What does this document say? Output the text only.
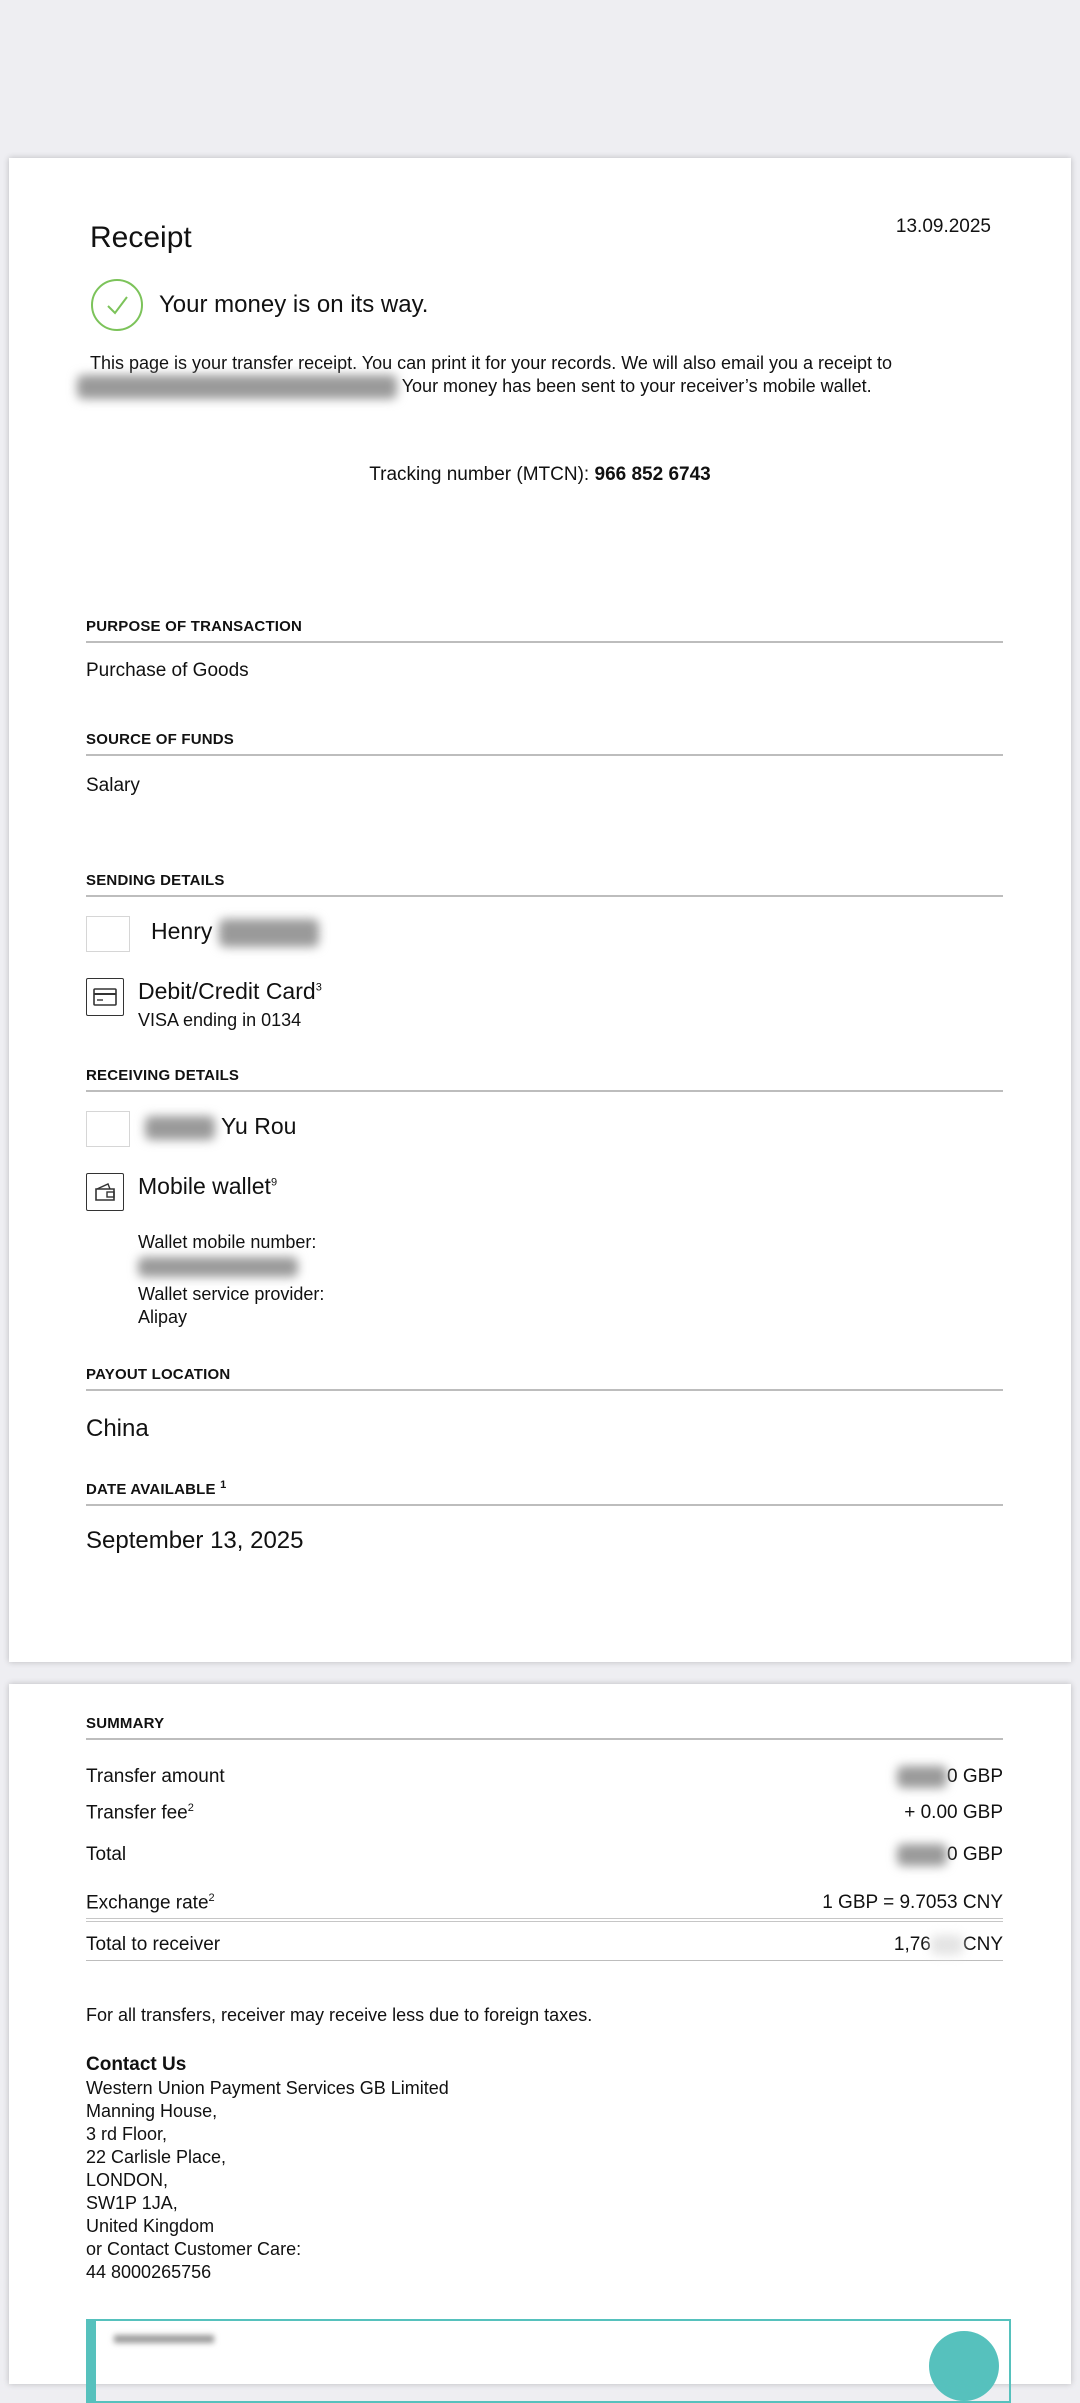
Receipt	13.09.2025
Your money is on its way.
This page is your transfer receipt. You can print it for your records. We will also email you a receipt to
Your money has been sent to your receiver’s mobile wallet.
Tracking number (MTCN): 966 852 6743
PURPOSE OF TRANSACTION
Purchase of Goods
SOURCE OF FUNDS
Salary
SENDING DETAILS
Henry
Debit/Credit Card$^3$
VISA ending in 0134
RECEIVING DETAILS
Yu Rou
Mobile wallet$^9$
Wallet mobile number:
Wallet service provider:
Alipay
PAYOUT LOCATION
China
DATE AVAILABLE $^1$
September 13, 2025
SUMMARY
Transfer amount	0 GBP
Transfer fee$^2$	+ 0.00 GBP
Total	0 GBP
Exchange rate$^2$	1 GBP = 9.7053 CNY
Total to receiver	1,76 CNY
For all transfers, receiver may receive less due to foreign taxes.
Contact Us
Western Union Payment Services GB Limited
Manning House,
3 rd Floor,
22 Carlisle Place,
LONDON,
SW1P 1JA,
United Kingdom
or Contact Customer Care:
44 8000265756
